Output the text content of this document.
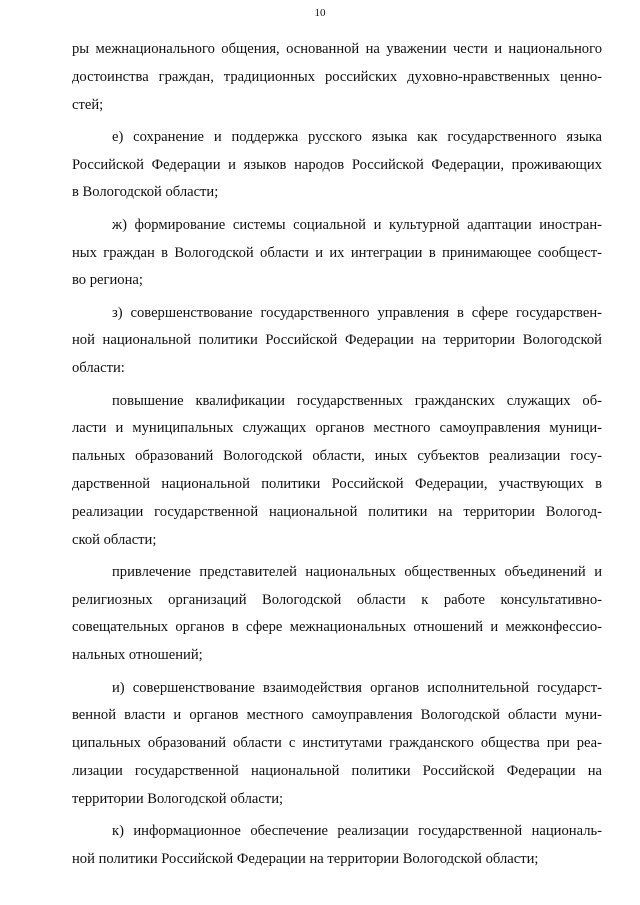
10
ры межнационального общения, основанной на уважении чести и национального
достоинства граждан, традиционных российских духовно-нравственных ценно-
стей;
е) сохранение и поддержка русского языка как государственного языка
Российской Федерации и языков народов Российской Федерации, проживающих
в Вологодской области;
ж) формирование системы социальной и культурной адаптации иностран-
ных граждан в Вологодской области и их интеграции в принимающее сообщест-
во региона;
з) совершенствование государственного управления в сфере государствен-
ной национальной политики Российской Федерации на территории Вологодской
области:
повышение квалификации государственных гражданских служащих об-
ласти и муниципальных служащих органов местного самоуправления муници-
пальных образований Вологодской области, иных субъектов реализации госу-
дарственной национальной политики Российской Федерации, участвующих в
реализации государственной национальной политики на территории Вологод-
ской области;
привлечение представителей национальных общественных объединений и
религиозных организаций Вологодской области к работе консультативно-
совещательных органов в сфере межнациональных отношений и межконфессио-
нальных отношений;
и) совершенствование взаимодействия органов исполнительной государст-
венной власти и органов местного самоуправления Вологодской области муни-
ципальных образований области с институтами гражданского общества при реа-
лизации государственной национальной политики Российской Федерации на
территории Вологодской области;
к) информационное обеспечение реализации государственной националь-
ной политики Российской Федерации на территории Вологодской области;
